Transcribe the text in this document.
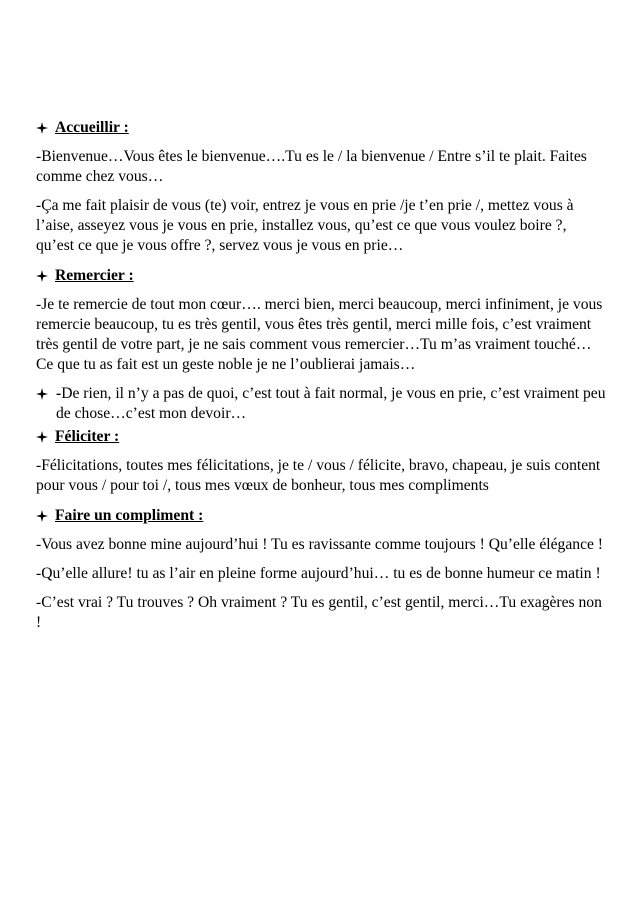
Accueillir :

-Bienvenue…Vous êtes le bienvenue….Tu es le / la bienvenue / Entre s’il te plait. Faites comme chez vous…

-Ça me fait plaisir de vous (te) voir, entrez je vous en prie /je t’en prie /, mettez vous à l’aise, asseyez vous je vous en prie, installez vous, qu’est ce que vous voulez boire ?, qu’est ce que je vous offre ?, servez vous je vous en prie…

Remercier :

-Je te remercie de tout mon cœur…. merci bien, merci beaucoup, merci infiniment, je vous remercie beaucoup, tu es très gentil, vous êtes très gentil, merci mille fois, c’est vraiment très gentil de votre part, je ne sais comment vous remercier…Tu m’as vraiment touché…Ce que tu as fait est un geste noble je ne l’oublierai jamais…

-De rien, il n’y a pas de quoi, c’est tout à fait normal, je vous en prie, c’est vraiment peu de chose…c’est mon devoir…
Féliciter :

-Félicitations, toutes mes félicitations, je te / vous / félicite, bravo, chapeau, je suis content pour vous / pour toi /, tous mes vœux de bonheur, tous mes compliments

Faire un compliment :

-Vous avez bonne mine aujourd’hui ! Tu es ravissante comme toujours ! Qu’elle élégance !

-Qu’elle allure! tu as l’air en pleine forme aujourd’hui… tu es de bonne humeur ce matin !

-C’est vrai ? Tu trouves ? Oh vraiment ? Tu es gentil, c’est gentil, merci…Tu exagères non !
